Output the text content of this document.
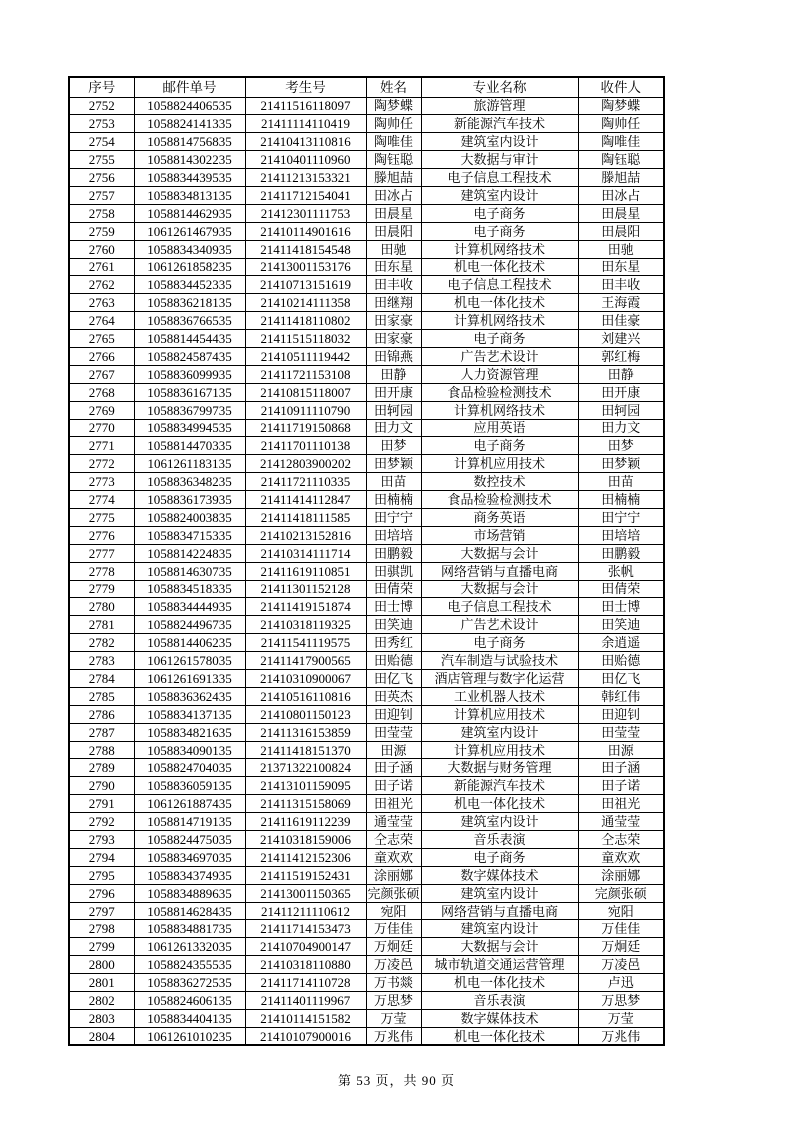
序号	邮件单号	考生号	姓名	专业名称	收件人
2752	1058824406535	21411516118097	陶梦蝶	旅游管理	陶梦蝶
2753	1058824141335	21411114110419	陶帅任	新能源汽车技术	陶帅任
2754	1058814756835	21410413110816	陶唯佳	建筑室内设计	陶唯佳
2755	1058814302235	21410401110960	陶钰聪	大数据与审计	陶钰聪
2756	1058834439535	21411213153321	滕旭喆	电子信息工程技术	滕旭喆
2757	1058834813135	21411712154041	田冰占	建筑室内设计	田冰占
2758	1058814462935	21412301111753	田晨星	电子商务	田晨星
2759	1061261467935	21410114901616	田晨阳	电子商务	田晨阳
2760	1058834340935	21411418154548	田驰	计算机网络技术	田驰
2761	1061261858235	21413001153176	田东星	机电一体化技术	田东星
2762	1058834452335	21410713151619	田丰收	电子信息工程技术	田丰收
2763	1058836218135	21410214111358	田继翔	机电一体化技术	王海霞
2764	1058836766535	21411418110802	田家豪	计算机网络技术	田佳豪
2765	1058814454435	21411515118032	田家豪	电子商务	刘建兴
2766	1058824587435	21410511119442	田锦燕	广告艺术设计	郭红梅
2767	1058836099935	21411721153108	田静	人力资源管理	田静
2768	1058836167135	21410815118007	田开康	食品检验检测技术	田开康
2769	1058836799735	21410911110790	田轲园	计算机网络技术	田轲园
2770	1058834994535	21411719150868	田力文	应用英语	田力文
2771	1058814470335	21411701110138	田梦	电子商务	田梦
2772	1061261183135	21412803900202	田梦颖	计算机应用技术	田梦颖
2773	1058836348235	21411721110335	田苗	数控技术	田苗
2774	1058836173935	21411414112847	田楠楠	食品检验检测技术	田楠楠
2775	1058824003835	21411418111585	田宁宁	商务英语	田宁宁
2776	1058834715335	21410213152816	田培培	市场营销	田培培
2777	1058814224835	21410314111714	田鹏毅	大数据与会计	田鹏毅
2778	1058814630735	21411619110851	田骐凯	网络营销与直播电商	张帆
2779	1058834518335	21411301152128	田倩荣	大数据与会计	田倩荣
2780	1058834444935	21411419151874	田士博	电子信息工程技术	田士博
2781	1058824496735	21410318119325	田笑迪	广告艺术设计	田笑迪
2782	1058814406235	21411541119575	田秀红	电子商务	余逍遥
2783	1061261578035	21411417900565	田贻德	汽车制造与试验技术	田贻德
2784	1061261691335	21410310900067	田亿飞	酒店管理与数字化运营	田亿飞
2785	1058836362435	21410516110816	田英杰	工业机器人技术	韩红伟
2786	1058834137135	21410801150123	田迎钊	计算机应用技术	田迎钊
2787	1058834821635	21411316153859	田莹莹	建筑室内设计	田莹莹
2788	1058834090135	21411418151370	田源	计算机应用技术	田源
2789	1058824704035	21371322100824	田子涵	大数据与财务管理	田子涵
2790	1058836059135	21413101159095	田子诺	新能源汽车技术	田子诺
2791	1061261887435	21411315158069	田祖光	机电一体化技术	田祖光
2792	1058814719135	21411619112239	通莹莹	建筑室内设计	通莹莹
2793	1058824475035	21410318159006	仝志荣	音乐表演	仝志荣
2794	1058834697035	21411412152306	童欢欢	电子商务	童欢欢
2795	1058834374935	21411519152431	涂丽娜	数字媒体技术	涂丽娜
2796	1058834889635	21413001150365	完颜张硕	建筑室内设计	完颜张硕
2797	1058814628435	21411211110612	宛阳	网络营销与直播电商	宛阳
2798	1058834881735	21411714153473	万佳佳	建筑室内设计	万佳佳
2799	1061261332035	21410704900147	万炯廷	大数据与会计	万炯廷
2800	1058824355535	21410318110880	万凌邑	城市轨道交通运营管理	万凌邑
2801	1058836272535	21411714110728	万书燚	机电一体化技术	卢迅
2802	1058824606135	21411401119967	万思梦	音乐表演	万思梦
2803	1058834404135	21410114151582	万莹	数字媒体技术	万莹
2804	1061261010235	21410107900016	万兆伟	机电一体化技术	万兆伟
第 53 页，共 90 页
